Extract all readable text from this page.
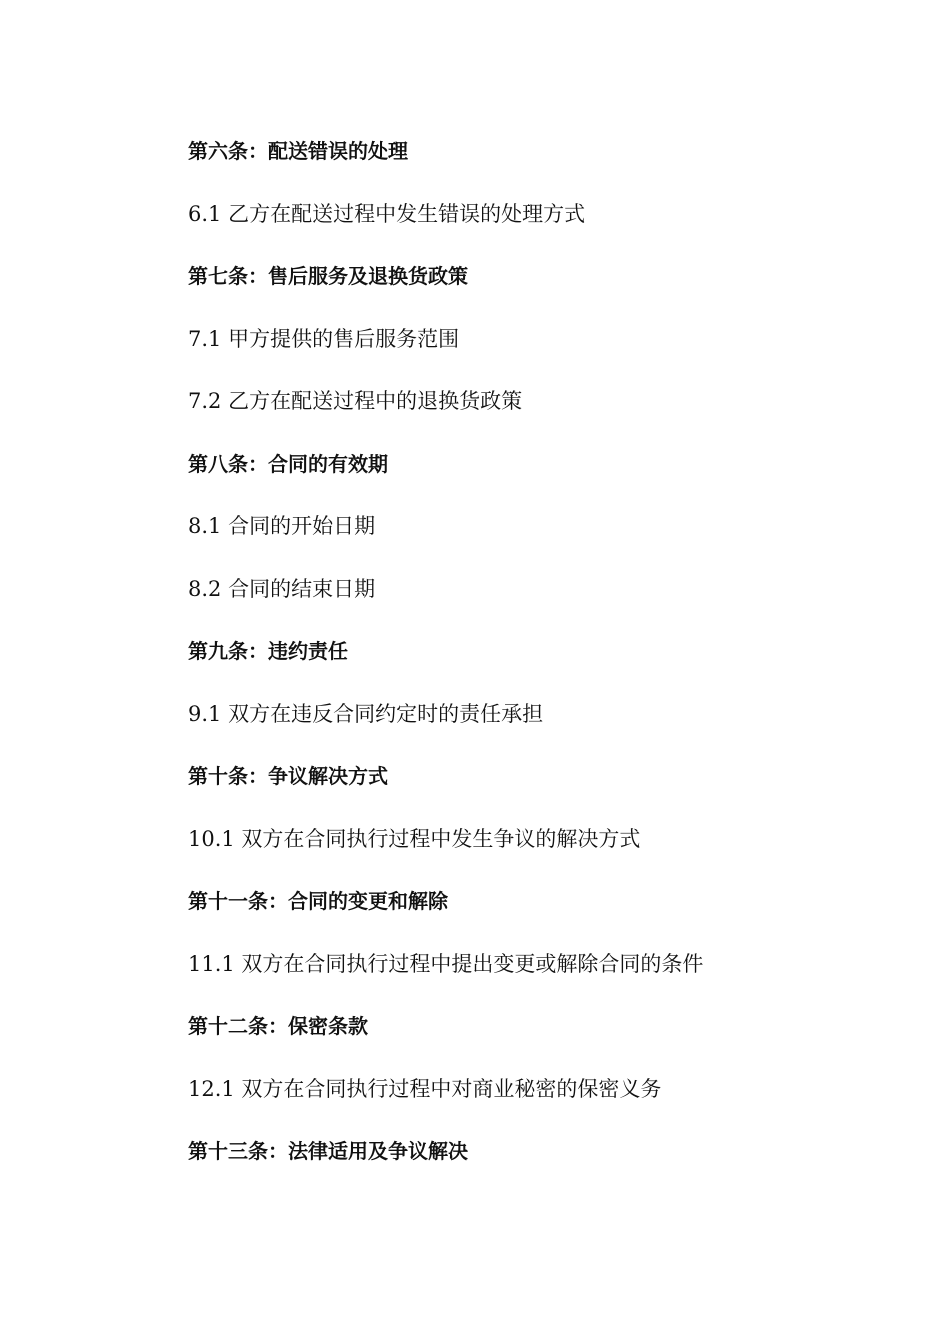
第六条：配送错误的处理
6.1 乙方在配送过程中发生错误的处理方式
第七条：售后服务及退换货政策
7.1 甲方提供的售后服务范围
7.2 乙方在配送过程中的退换货政策
第八条：合同的有效期
8.1 合同的开始日期
8.2 合同的结束日期
第九条：违约责任
9.1 双方在违反合同约定时的责任承担
第十条：争议解决方式
10.1 双方在合同执行过程中发生争议的解决方式
第十一条：合同的变更和解除
11.1 双方在合同执行过程中提出变更或解除合同的条件
第十二条：保密条款
12.1 双方在合同执行过程中对商业秘密的保密义务
第十三条：法律适用及争议解决
